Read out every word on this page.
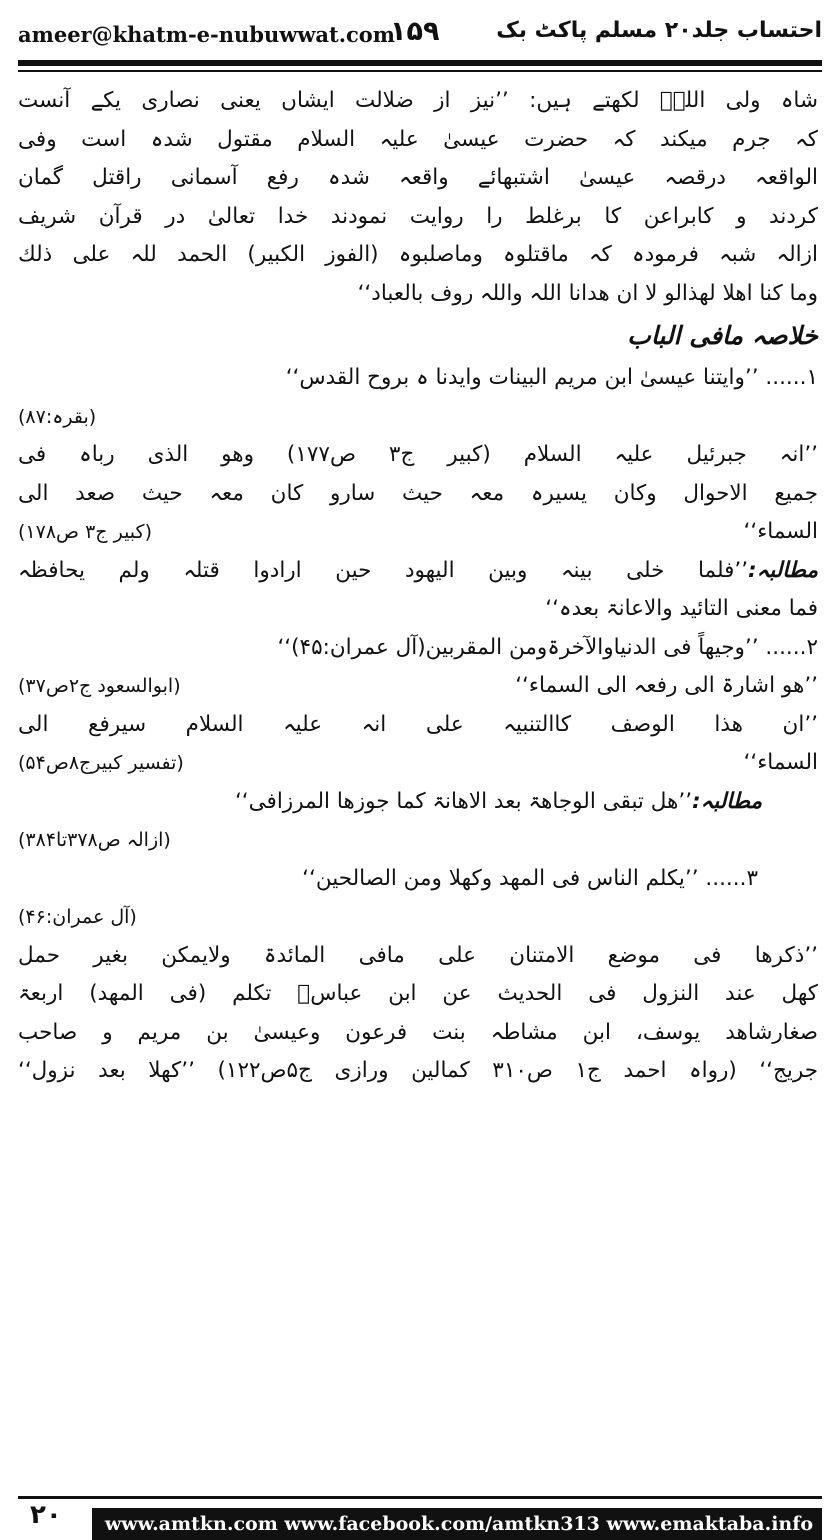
ameer@khatm-e-nubuwwat.com
۱۵۹	احتساب جلد۲۰ مسلم پاکٹ بک
شاہ ولی اللہؒ لکھتے ہیں: ’’نیز از ضلالت ایشاں یعنی نصاری یکے آنست
کہ جرم میکند کہ حضرت عیسیٰ علیہ السلام مقتول شدہ است وفی
الواقعہ درقصہ عیسیٰ اشتبھائے واقعہ شدہ رفع آسمانی راقتل گمان
کردند و کابراعن کا برغلط را روایت نمودند خدا تعالیٰ در قرآن شریف
ازالہ شبہ فرمودہ کہ ماقتلوہ وماصلبوہ (الفوز الکبیر) الحمد للہ علی ذلك
وما کنا اھلا لھذالو لا ان ھدانا اللہ واللہ روف بالعباد‘‘
خلاصہ مافی الباب
۱...... ’’وایتنا عیسیٰ ابن مریم البینات وایدنا ہ بروح القدس‘‘
(بقرہ:۸۷)
’’انہ جبرئیل علیہ السلام (کبیر ج۳ ص۱۷۷) وھو الذی رباہ فی
جمیع الاحوال وکان یسیرہ معہ حیث سارو کان معہ حیث صعد الی
السماء‘‘
(کبیر ج۳ ص۱۷۸)
مطالبہ:’’فلما خلی بینہ وبین الیھود حین ارادوا قتلہ ولم یحافظہ
فما معنی التائید والاعانۃ بعدہ‘‘
۲...... ’’وجیھاً فی الدنیاوالآخرۃومن المقربین(آل عمران:۴۵)‘‘
’’ھو اشارۃ الی رفعہ الی السماء‘‘
(ابوالسعود ج۲ص۳۷)
’’ان ھذا الوصف کاالتنبیہ علی انہ علیہ السلام سیرفع الی
السماء‘‘
(تفسیر کبیرج۸ص۵۴)
مطالبہ:’’ھل تبقی الوجاھۃ بعد الاھانۃ کما جوزھا المرزافی‘‘
(ازالہ ص۳۷۸تا۳۸۴)
۳...... ’’یکلم الناس فی المھد وکھلا ومن الصالحین‘‘
(آل عمران:۴۶)
’’ذکرھا فی موضع الامتنان علی مافی المائدۃ ولایمکن بغیر حمل
کھل عند النزول فی الحدیث عن ابن عباسؓ تکلم (فی المھد) اربعۃ
صغارشاھد یوسف، ابن مشاطہ بنت فرعون وعیسیٰ بن مریم و صاحب
جریج‘‘ (رواہ احمد ج۱ ص۳۱۰ کمالین ورازی ج۵ص۱۲۲) ’’کھلا بعد نزول‘‘
۲۰ www.amtkn.com www.facebook.com/amtkn313 www.emaktaba.info
